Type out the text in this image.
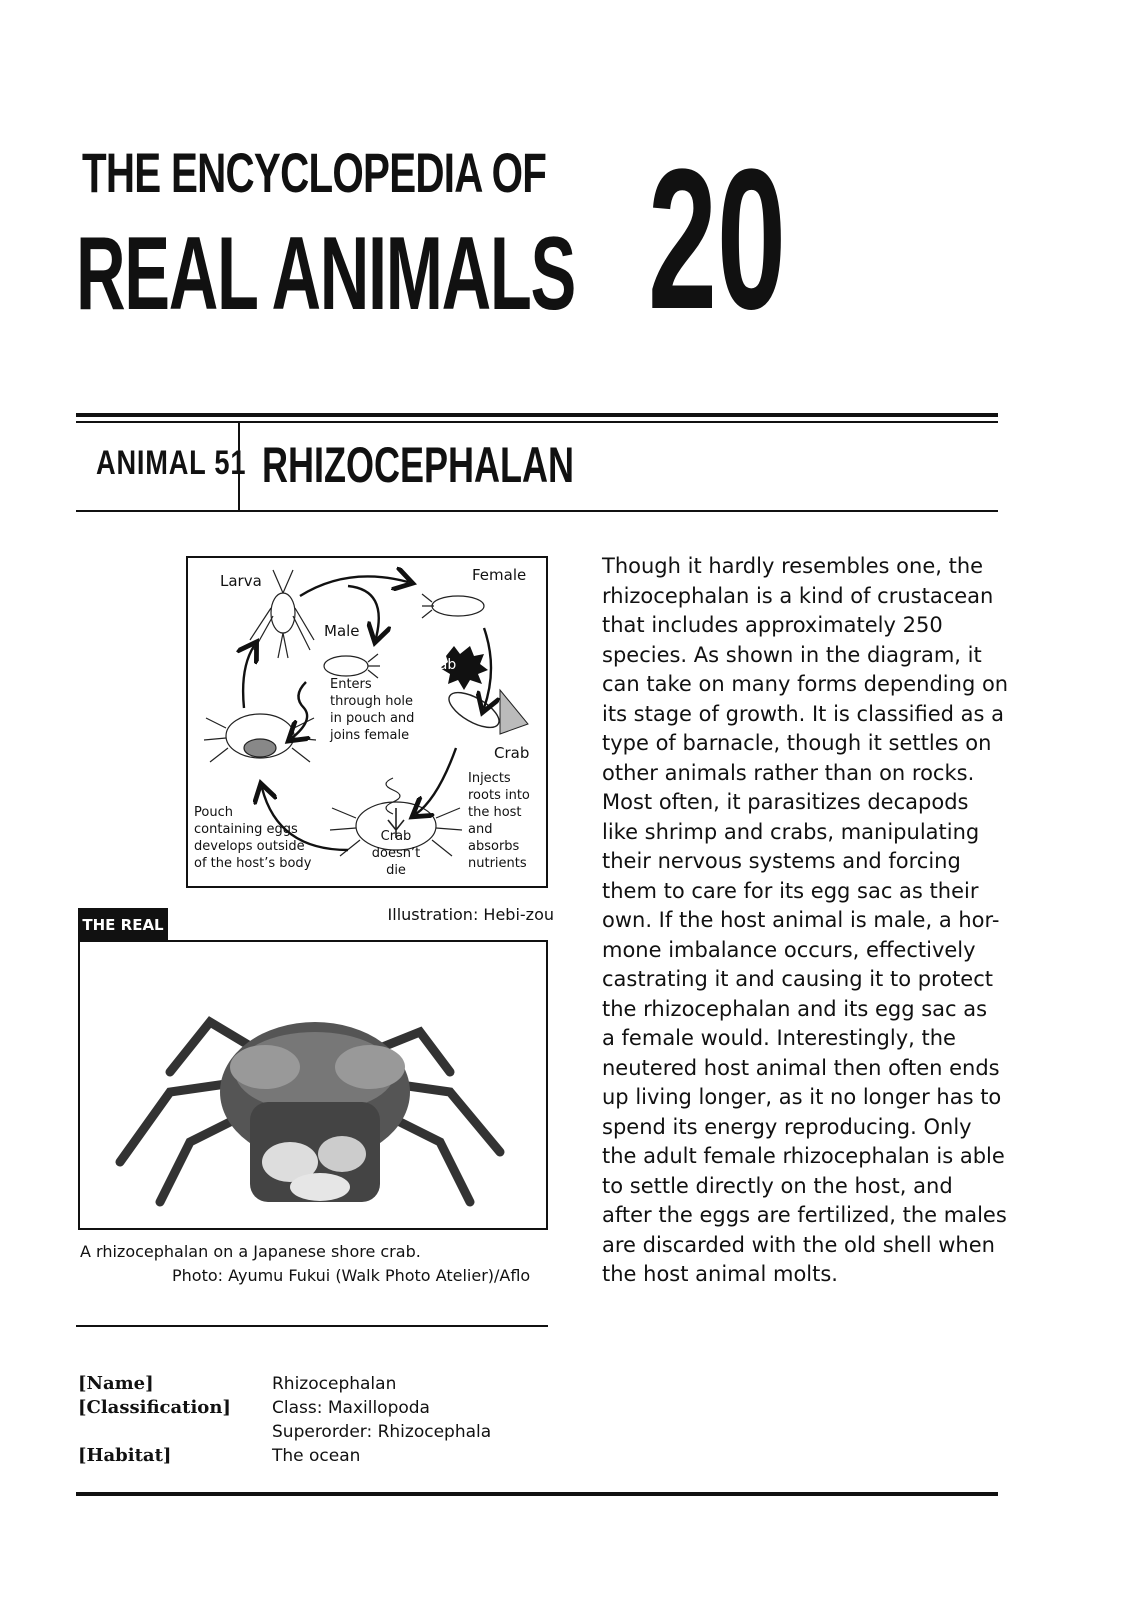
THE ENCYCLOPEDIA OF
REAL ANIMALS 20
ANIMAL 51 RHIZOCEPHALAN
Larva	Female
Male
stab
Enters
through hole
in pouch and
joins female
Crab
Injects
roots into
the host
and
absorbs
nutrients
Pouch
containing eggs
develops outside
of the host’s body
Crab
doesn’t die
Illustration: Hebi-zou
THE REAL
A rhizocephalan on a Japanese shore crab.
Photo: Ayumu Fukui (Walk Photo Atelier)/Aflo
Though it hardly resembles one, the
rhizocephalan is a kind of crustacean
that includes approximately 250
species. As shown in the diagram, it
can take on many forms depending on
its stage of growth. It is classified as a
type of barnacle, though it settles on
other animals rather than on rocks.
Most often, it parasitizes decapods
like shrimp and crabs, manipulating
their nervous systems and forcing
them to care for its egg sac as their
own. If the host animal is male, a hor-
mone imbalance occurs, effectively
castrating it and causing it to protect
the rhizocephalan and its egg sac as
a female would. Interestingly, the
neutered host animal then often ends
up living longer, as it no longer has to
spend its energy reproducing. Only
the adult female rhizocephalan is able
to settle directly on the host, and
after the eggs are fertilized, the males
are discarded with the old shell when
the host animal molts.
[Name]	Rhizocephalan
[Classification] Class: Maxillopoda
Superorder: Rhizocephala
[Habitat]	The ocean
